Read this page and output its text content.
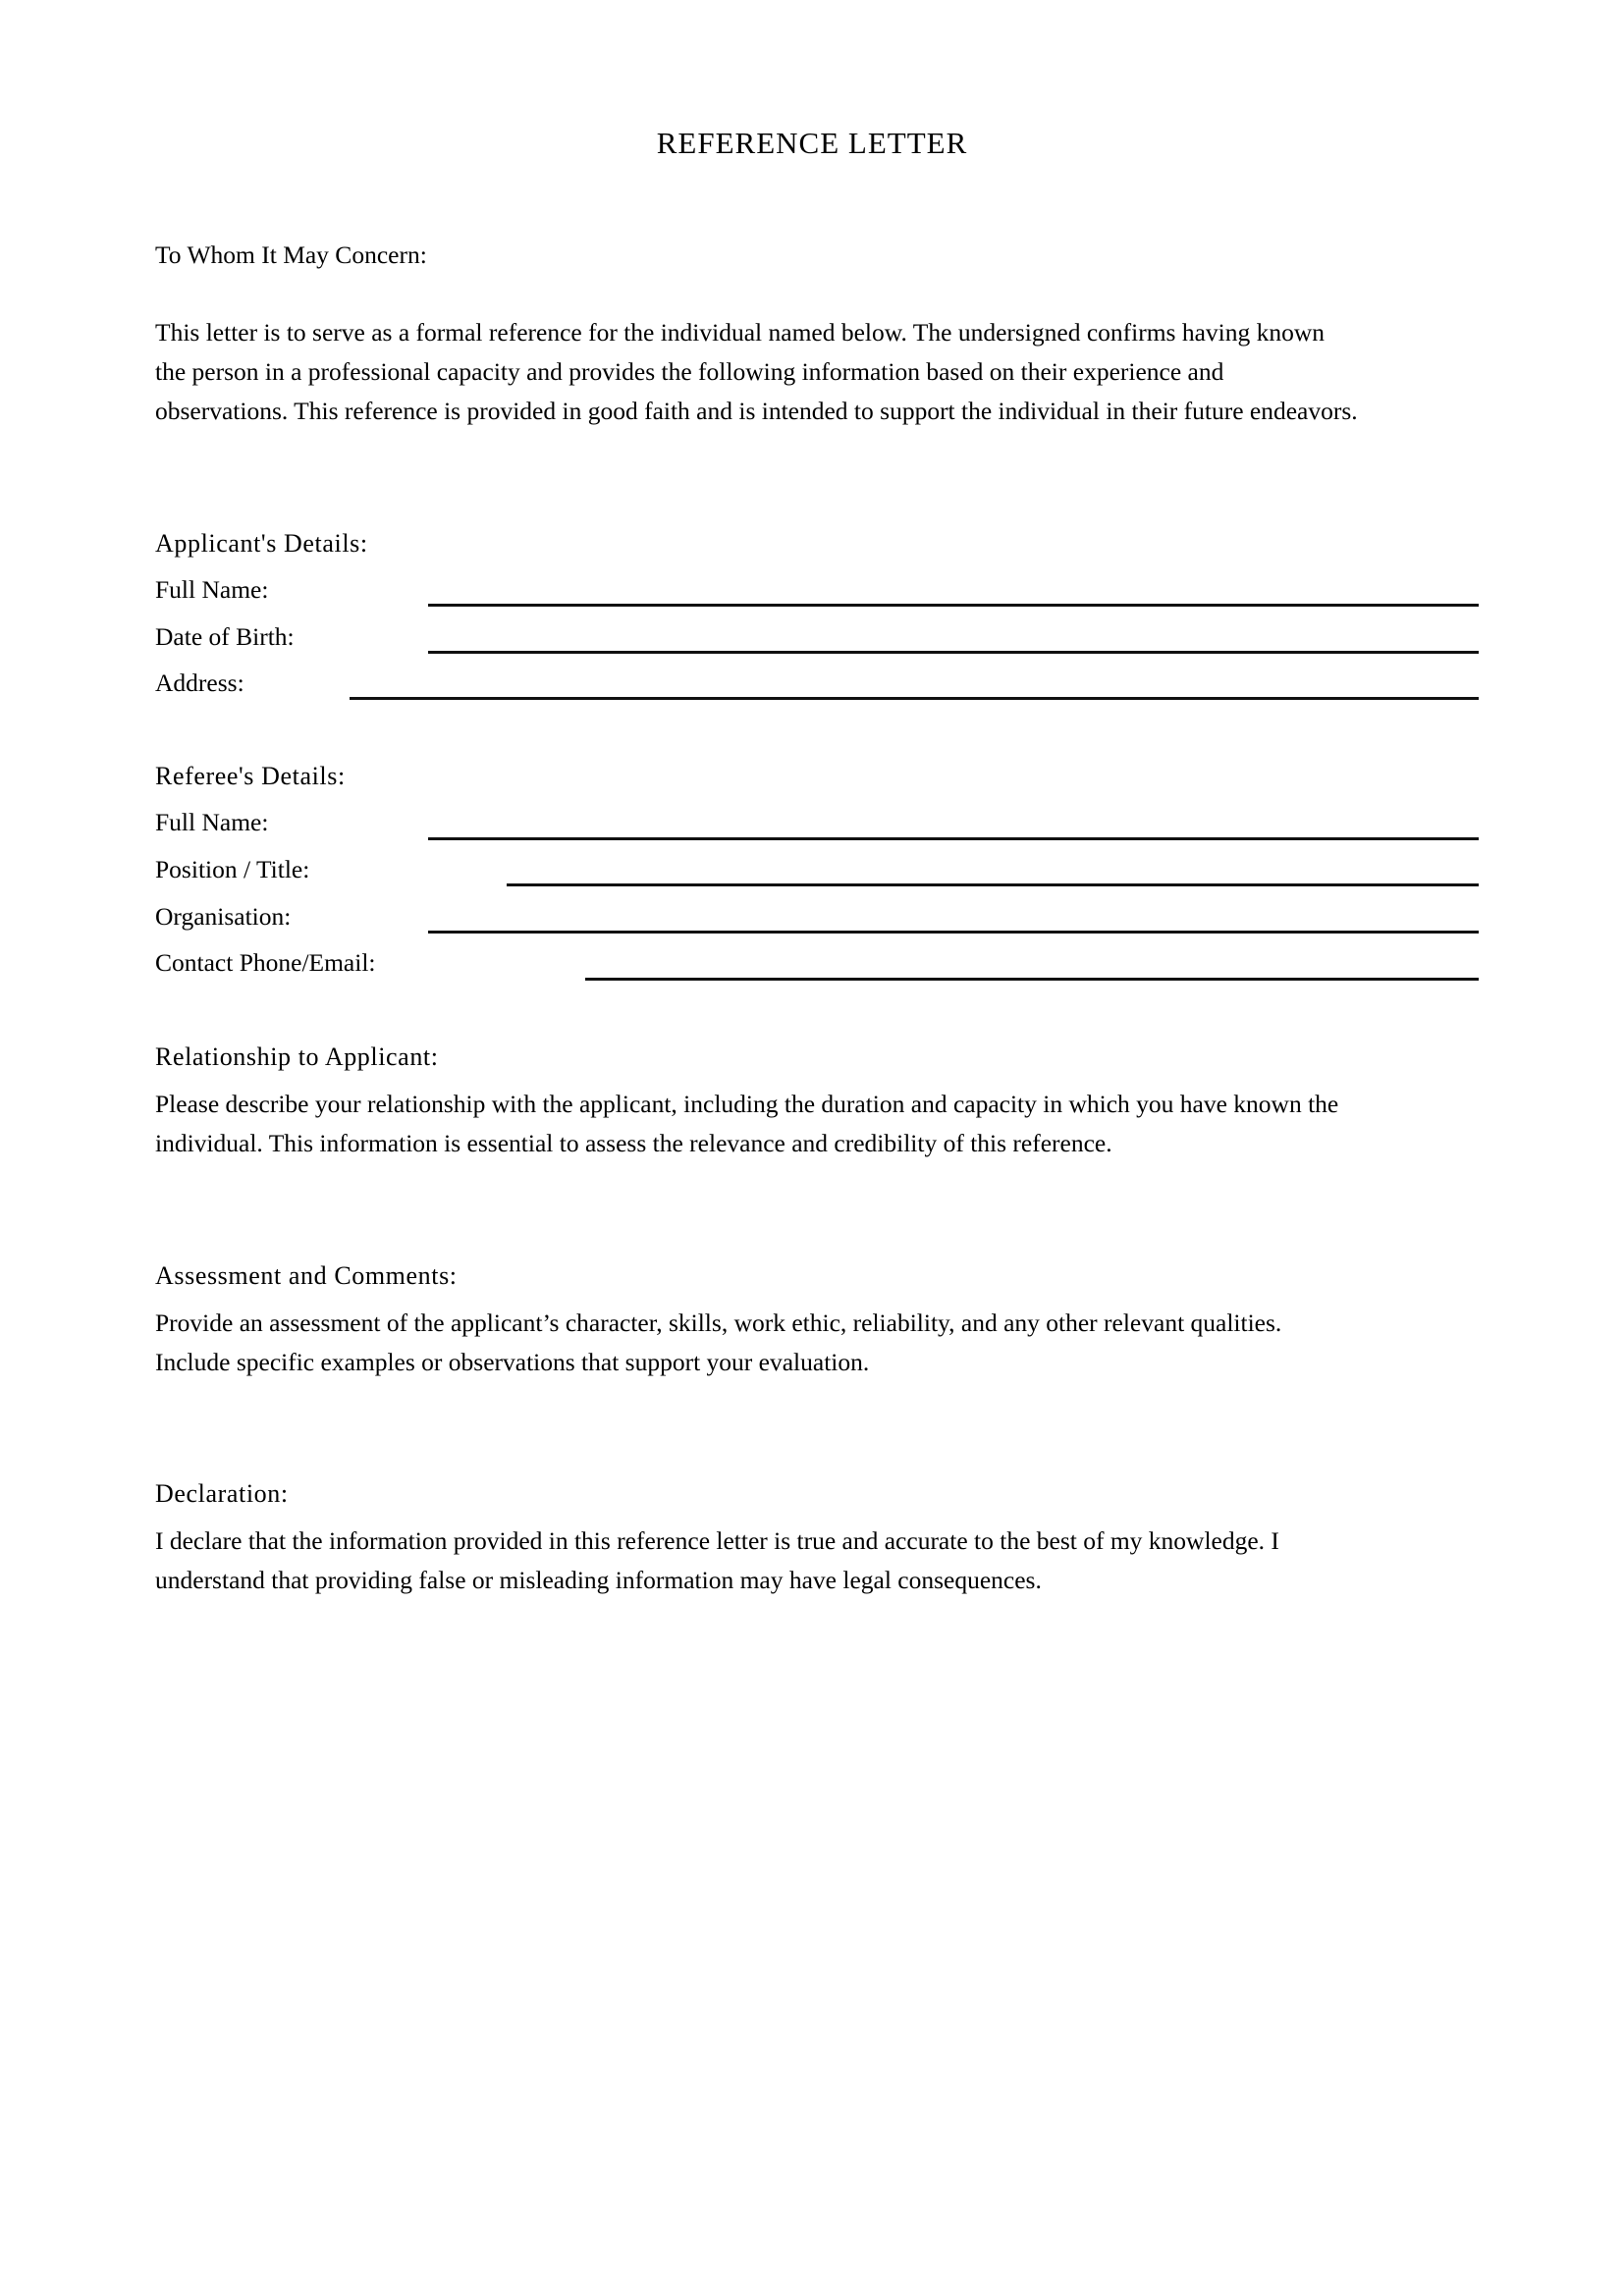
REFERENCE LETTER
To Whom It May Concern:
This letter is to serve as a formal reference for the individual named below. The undersigned confirms having known
the person in a professional capacity and provides the following information based on their experience and
observations. This reference is provided in good faith and is intended to support the individual in their future endeavors.
Applicant's Details:
Full Name:
Date of Birth:
Address:
Referee's Details:
Full Name:
Position / Title:
Organisation:
Contact Phone/Email:
Relationship to Applicant:
Please describe your relationship with the applicant, including the duration and capacity in which you have known the
individual. This information is essential to assess the relevance and credibility of this reference.
Assessment and Comments:
Provide an assessment of the applicant’s character, skills, work ethic, reliability, and any other relevant qualities.
Include specific examples or observations that support your evaluation.
Declaration:
I declare that the information provided in this reference letter is true and accurate to the best of my knowledge. I
understand that providing false or misleading information may have legal consequences.
